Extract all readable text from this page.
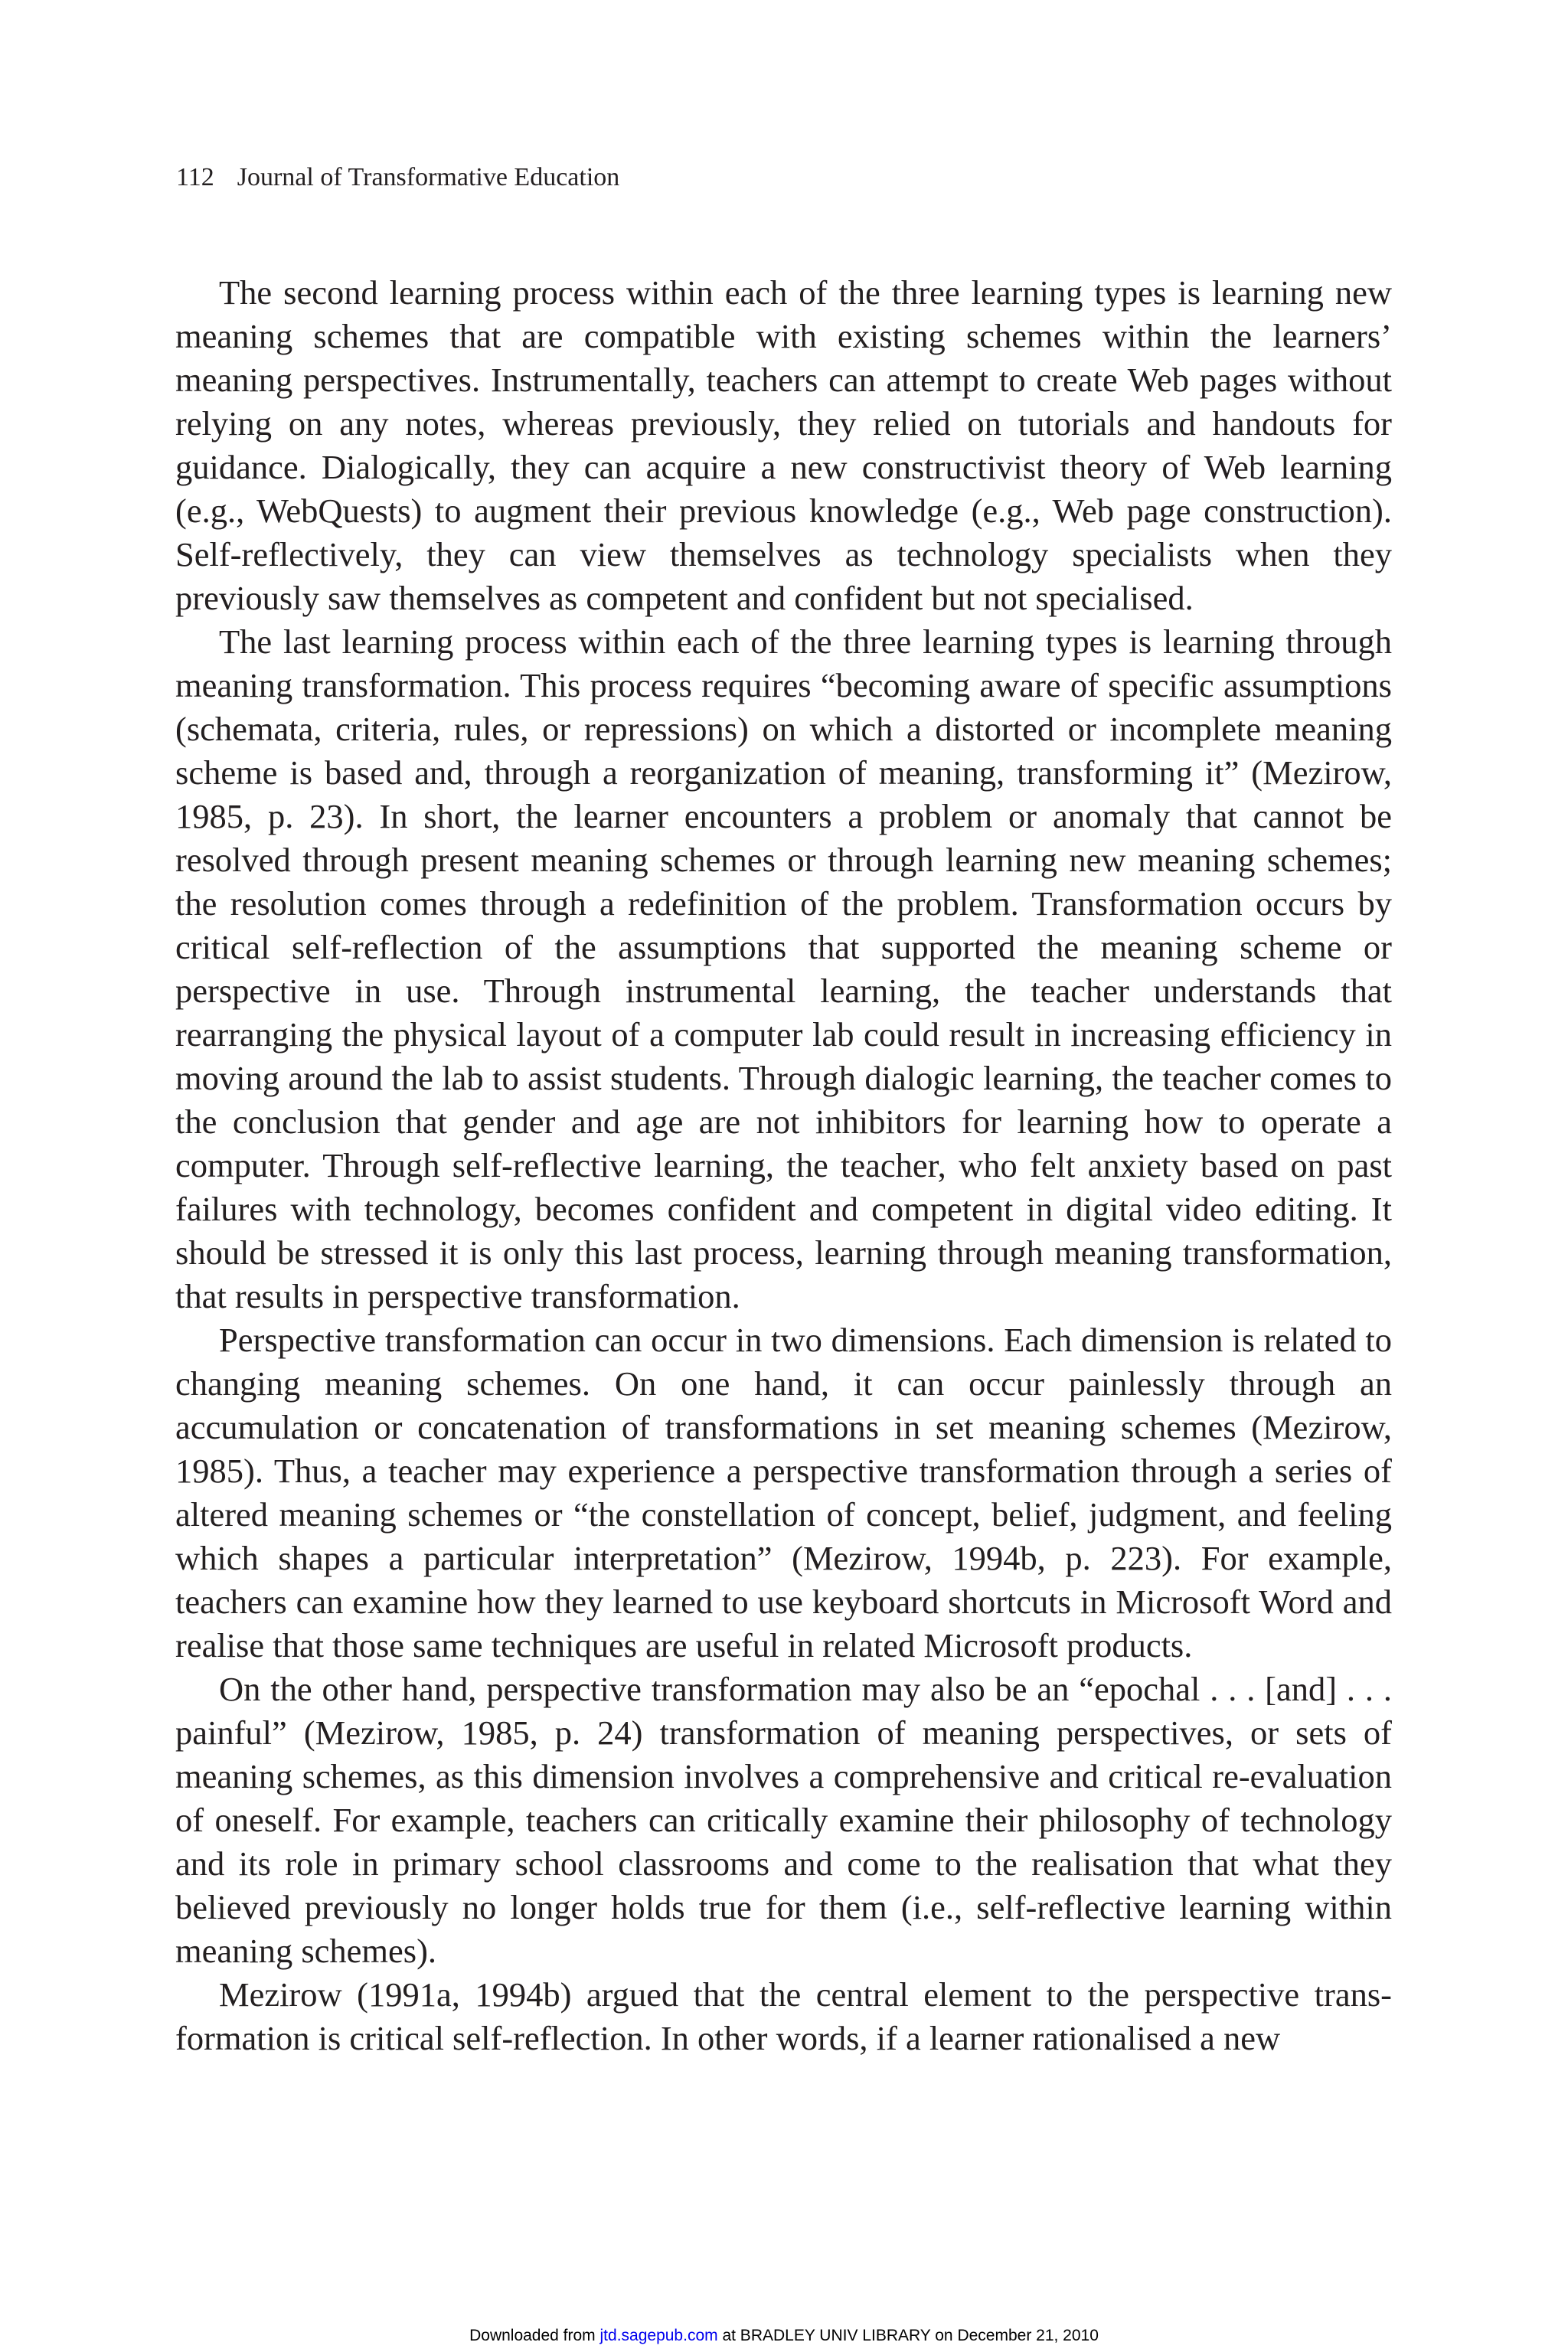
112 Journal of Transformative Education

The second learning process within each of the three learning types is learning new meaning schemes that are compatible with existing schemes within the learners’ meaning perspectives. Instrumentally, teachers can attempt to create Web pages without relying on any notes, whereas previously, they relied on tutorials and handouts for guidance. Dialogically, they can acquire a new constructivist theory of Web learning (e.g., WebQuests) to augment their previous knowledge (e.g., Web page construction). Self-reflectively, they can view themselves as technology specialists when they previously saw themselves as competent and confident but not specialised.

The last learning process within each of the three learning types is learning through meaning transformation. This process requires “becoming aware of specific assumptions (schemata, criteria, rules, or repressions) on which a distorted or incomplete meaning scheme is based and, through a reorganization of meaning, transforming it” (Mezirow, 1985, p. 23). In short, the learner encounters a problem or anomaly that cannot be resolved through present meaning schemes or through learning new meaning schemes; the resolution comes through a redefinition of the problem. Transformation occurs by critical self-reflection of the assumptions that supported the meaning scheme or perspective in use. Through instrumental learning, the teacher understands that rearranging the physical layout of a computer lab could result in increasing efficiency in moving around the lab to assist students. Through dialogic learning, the teacher comes to the conclusion that gender and age are not inhibitors for learning how to operate a computer. Through self-reflective learning, the teacher, who felt anxiety based on past failures with technology, becomes confident and competent in digital video editing. It should be stressed it is only this last process, learning through meaning transformation, that results in perspective transformation.

Perspective transformation can occur in two dimensions. Each dimension is related to changing meaning schemes. On one hand, it can occur painlessly through an accumulation or concatenation of transformations in set meaning schemes (Mezirow, 1985). Thus, a teacher may experience a perspective transformation through a series of altered meaning schemes or “the constellation of concept, belief, judgment, and feeling which shapes a particular interpretation” (Mezirow, 1994b, p. 223). For example, teachers can examine how they learned to use keyboard shortcuts in Microsoft Word and realise that those same techniques are useful in related Microsoft products.

On the other hand, perspective transformation may also be an “epochal . . . [and] . . . painful” (Mezirow, 1985, p. 24) transformation of meaning perspectives, or sets of meaning schemes, as this dimension involves a comprehensive and critical re-evaluation of oneself. For example, teachers can critically examine their philosophy of technology and its role in primary school classrooms and come to the realisation that what they believed previously no longer holds true for them (i.e., self-reflective learning within meaning schemes).

Mezirow (1991a, 1994b) argued that the central element to the perspective transformation is critical self-reflection. In other words, if a learner rationalised a new

Downloaded from jtd.sagepub.com at BRADLEY UNIV LIBRARY on December 21, 2010
